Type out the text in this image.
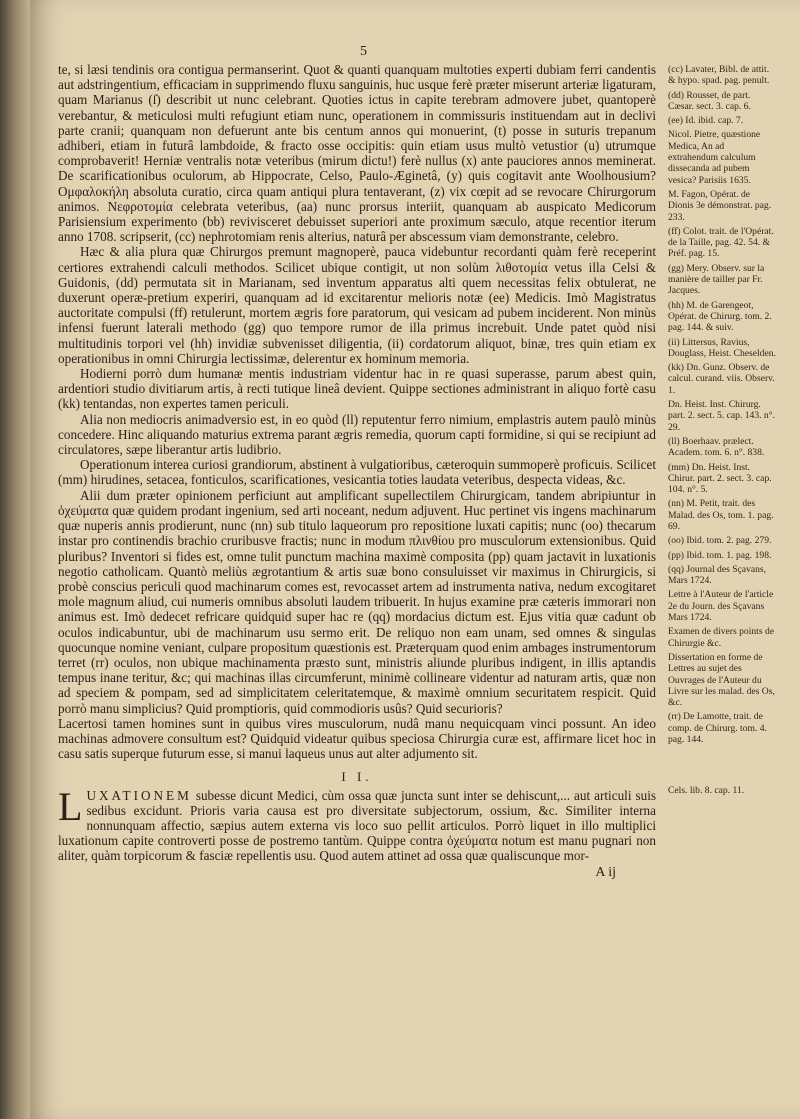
5

te, si læsi tendinis ora contigua permanserint. Quot & quanti quanquam multoties experti dubiam ferri candentis aut adstringentium, efficaciam in supprimendo fluxu sanguinis, huc usque ferè præter miserunt arteriæ ligaturam, quam Marianus (ſ) describit ut nunc celebrant. Quoties ictus in capite terebram admovere jubet, quantoperè verebantur, & meticulosi multi refugiunt etiam nunc, operationem in commissuris instituendam aut in declivi parte cranii; quanquam non defuerunt ante bis centum annos qui monuerint, (t) posse in suturis trepanum adhiberi, etiam in futurâ lambdoide, & fracto osse occipitis: quin etiam usus multò vetustior (u) utrumque comprobaverit! Herniæ ventralis notæ veteribus (mirum dictu!) ferè nullus (x) ante pauciores annos meminerat. De scarificationibus oculorum, ab Hippocrate, Celso, Paulo-Æginetâ, (y) quis cogitavit ante Woolhousium? Ομφαλοκήλη absoluta curatio, circa quam antiqui plura tentaverant, (z) vix cœpit ad se revocare Chirurgorum animos. Νεφροτομία celebrata veteribus, (aa) nunc prorsus interiit, quanquam ab auspicato Medicorum Parisiensium experimento (bb) revivisceret debuisset superiori ante proximum sæculo, atque recentior iterum anno 1708. scripserit, (cc) nephrotomiam renis alterius, naturâ per abscessum viam demonstrante, celebro.

Hæc & alia plura quæ Chirurgos premunt magnoperè, pauca videbuntur recordanti quàm ferè receperint certiores extrahendi calculi methodos. Scilicet ubique contigit, ut non solùm λιθοτομία vetus illa Celsi & Guidonis, (dd) permutata sit in Marianam, sed inventum apparatus alti quem necessitas felix obtulerat, ne duxerunt operæ-pretium experiri, quanquam ad id excitarentur melioris notæ (ee) Medicis. Imò Magistratus auctoritate compulsi (ff) retulerunt, mortem ægris fore paratorum, qui vesicam ad pubem inciderent. Non minùs infensi fuerunt laterali methodo (gg) quo tempore rumor de illa primus increbuit. Unde patet quòd nisi multitudinis torpori vel (hh) invidiæ subvenisset diligentia, (ii) cordatorum aliquot, binæ, tres quin etiam ex operationibus in omni Chirurgia lectissimæ, delerentur ex hominum memoria.

Hodierni porrò dum humanæ mentis industriam videntur hac in re quasi superasse, parum abest quin, ardentiori studio divitiarum artis, à recti tutique lineâ devient. Quippe sectiones administrant in aliquo fortè casu (kk) tentandas, non expertes tamen periculi.

Alia non mediocris animadversio est, in eo quòd (ll) reputentur ferro nimium, emplastris autem paulò minùs concedere. Hinc aliquando maturius extrema parant ægris remedia, quorum capti formidine, si qui se recipiunt ad circulatores, sæpe liberantur artis ludibrio.

Operationum interea curiosi grandiorum, abstinent à vulgatioribus, cæteroquin summoperè proficuis. Scilicet (mm) hirudines, setacea, fonticulos, scarificationes, vesicantia toties laudata veteribus, despecta videas, &c.

Alii dum præter opinionem perficiunt aut amplificant supellectilem Chirurgicam, tandem abripiuntur in ὀχεύματα quæ quidem prodant ingenium, sed arti noceant, nedum adjuvent. Huc pertinet vis ingens machinarum quæ nuperis annis prodierunt, nunc (nn) sub titulo laqueorum pro repositione luxati capitis; nunc (oo) thecarum instar pro continendis brachio cruribusve fractis; nunc in modum πλινθίου pro musculorum extensionibus. Quid pluribus? Inventori si fides est, omne tulit punctum machina maximè composita (pp) quam jactavit in luxationis negotio catholicam. Quantò meliùs ægrotantium & artis suæ bono consuluisset vir maximus in Chirurgicis, si probè conscius periculi quod machinarum comes est, revocasset artem ad instrumenta nativa, nedum excogitaret mole magnum aliud, cui numeris omnibus absoluti laudem tribuerit. In hujus examine præ cæteris immorari non animus est. Imò dedecet refricare quidquid super hac re (qq) mordacius dictum est. Ejus vitia quæ cadunt ob oculos indicabuntur, ubi de machinarum usu sermo erit. De reliquo non eam unam, sed omnes & singulas quocunque nomine veniant, culpare propositum quæstionis est. Præterquam quod enim ambages instrumentorum terret (rr) oculos, non ubique machinamenta præsto sunt, ministris aliunde pluribus indigent, in illis aptandis tempus inane teritur, &c; qui machinas illas circumferunt, minimè collineare videntur ad naturam artis, quæ non ad speciem & pompam, sed ad simplicitatem celeritatemque, & maximè omnium securitatem respicit. Quid porrò manu simplicius? Quid promptioris, quid commodioris usûs? Quid securioris?

Lacertosi tamen homines sunt in quibus vires musculorum, nudâ manu nequicquam vinci possunt. An ideo machinas admovere consultum est? Quidquid videatur quibus speciosa Chirurgia curæ est, affirmare licet hoc in casu satis superque futurum esse, si manui laqueus unus aut alter adjumento sit.

I I.

LUXATIONEM subesse dicunt Medici, cùm ossa quæ juncta sunt inter se dehiscunt,... aut articuli suis sedibus excidunt. Prioris varia causa est pro diversitate subjectorum, ossium, &c. Similiter interna nonnunquam affectio, sæpius autem externa vis loco suo pellit articulos. Porrò liquet in illo multiplici luxationum capite controverti posse de postremo tantùm. Quippe contra ὀχεύματα notum est manu pugnari non aliter, quàm torpicorum & fasciæ repellentis usu. Quod autem attinet ad ossa quæ qualiscunque mor-

A ij
(cc) Lavater, Bibl. de attit. & hypo. spad. pag. penult.
(dd) Rousset, de part. Cæsar. sect. 3. cap. 6.
(ee) Id. ibid. cap. 7.
Nicol. Pietre, quæstione Medica, An ad extrahendum calculum dissecanda ad pubem vesica? Parisiis 1635.
M. Fagon, Opérat. de Dionis 3e démonstrat. pag. 233.
(ff) Colot. trait. de l'Opérat. de la Taille, pag. 42. 54. & Préf. pag. 15.
(gg) Mery. Observ. sur la manière de tailler par Fr. Jacques.
(hh) M. de Garengeot, Opérat. de Chirurg. tom. 2. pag. 144. & suiv.
(ii) Littersus, Ravius, Douglass, Heist. Cheselden.
(kk) Dn. Gunz. Observ. de calcul. curand. viis. Observ. 1.
Dn. Heist. Inst. Chirurg. part. 2. sect. 5. cap. 143. n°. 29.
(ll) Boerhaav. prælect. Academ. tom. 6. n°. 838.
(mm) Dn. Heist. Inst. Chirur. part. 2. sect. 3. cap. 104. n°. 5.
(nn) M. Petit, trait. des Malad. des Os, tom. 1. pag. 69.
(oo) Ibid. tom. 2. pag. 279.
(pp) Ibid. tom. 1. pag. 198.
(qq) Journal des Sçavans, Mars 1724.
Lettre à l'Auteur de l'article 2e du Journ. des Sçavans Mars 1724.
Examen de divers points de Chirurgie &c.
Dissertation en forme de Lettres au sujet des Ouvrages de l'Auteur du Livre sur les malad. des Os, &c.
(rr) De Lamotte, trait. de comp. de Chirurg. tom. 4. pag. 144.
Cels. lib. 8. cap. 11.
